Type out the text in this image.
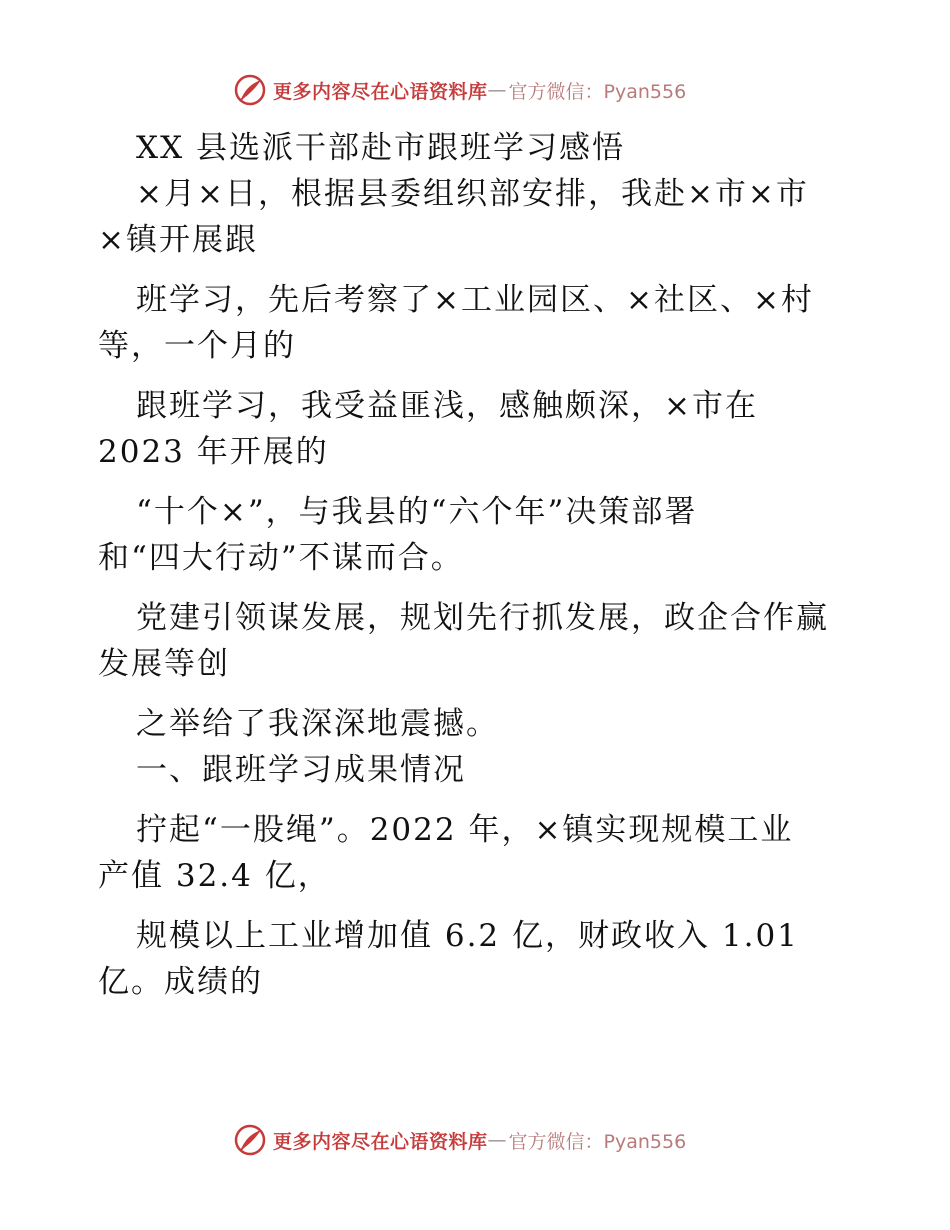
更多内容尽在心语资料库 — 官方微信：Pyan556
XX 县选派干部赴市跟班学习感悟
×月×日，根据县委组织部安排，我赴×市×市
×镇开展跟
班学习，先后考察了×工业园区、×社区、×村
等，一个月的
跟班学习，我受益匪浅，感触颇深，×市在
2023 年开展的
“十个×”，与我县的“六个年”决策部署
和“四大行动”不谋而合。
党建引领谋发展，规划先行抓发展，政企合作赢
发展等创
之举给了我深深地震撼。
一、跟班学习成果情况
拧起“一股绳”。2022 年，×镇实现规模工业
产值 32.4 亿，
规模以上工业增加值 6.2 亿，财政收入 1.01
亿。成绩的
更多内容尽在心语资料库 — 官方微信：Pyan556
